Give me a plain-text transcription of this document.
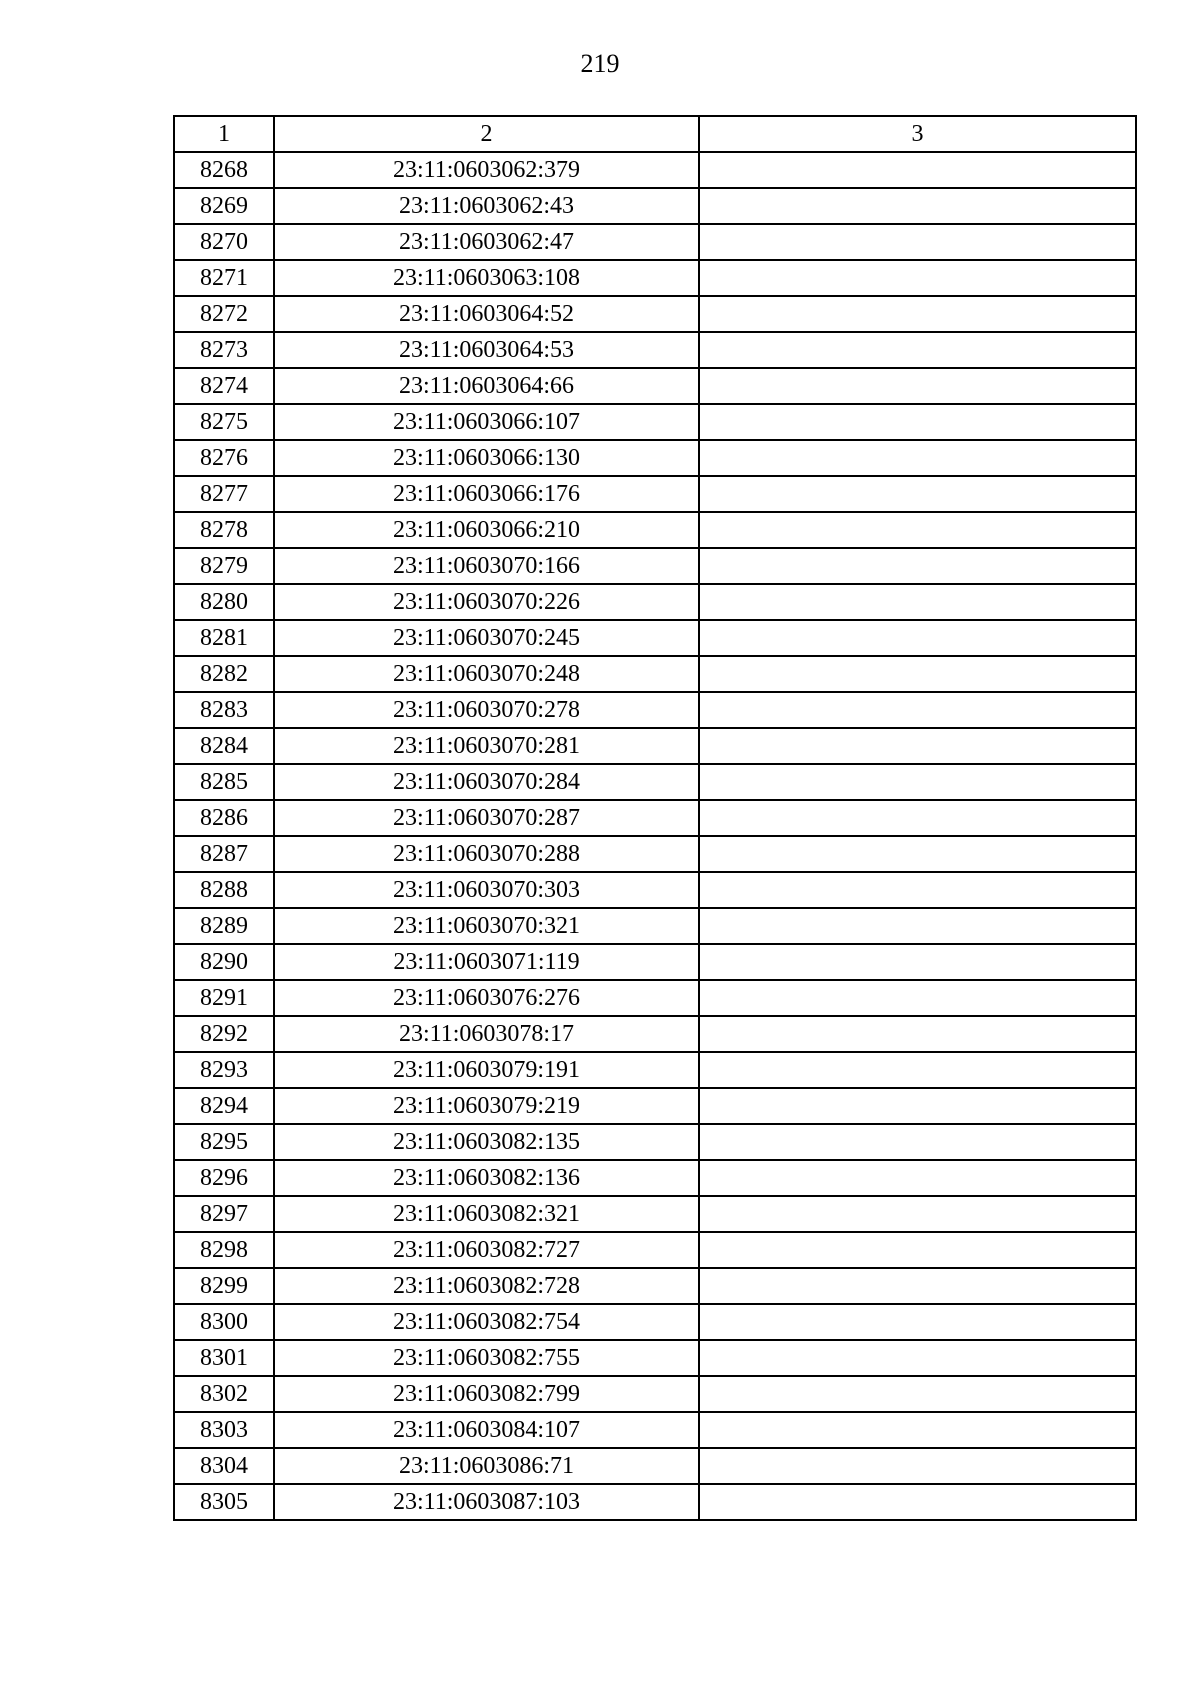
219
1	2	3
8268	23:11:0603062:379	
8269	23:11:0603062:43	
8270	23:11:0603062:47	
8271	23:11:0603063:108	
8272	23:11:0603064:52	
8273	23:11:0603064:53	
8274	23:11:0603064:66	
8275	23:11:0603066:107	
8276	23:11:0603066:130	
8277	23:11:0603066:176	
8278	23:11:0603066:210	
8279	23:11:0603070:166	
8280	23:11:0603070:226	
8281	23:11:0603070:245	
8282	23:11:0603070:248	
8283	23:11:0603070:278	
8284	23:11:0603070:281	
8285	23:11:0603070:284	
8286	23:11:0603070:287	
8287	23:11:0603070:288	
8288	23:11:0603070:303	
8289	23:11:0603070:321	
8290	23:11:0603071:119	
8291	23:11:0603076:276	
8292	23:11:0603078:17	
8293	23:11:0603079:191	
8294	23:11:0603079:219	
8295	23:11:0603082:135	
8296	23:11:0603082:136	
8297	23:11:0603082:321	
8298	23:11:0603082:727	
8299	23:11:0603082:728	
8300	23:11:0603082:754	
8301	23:11:0603082:755	
8302	23:11:0603082:799	
8303	23:11:0603084:107	
8304	23:11:0603086:71	
8305	23:11:0603087:103	
